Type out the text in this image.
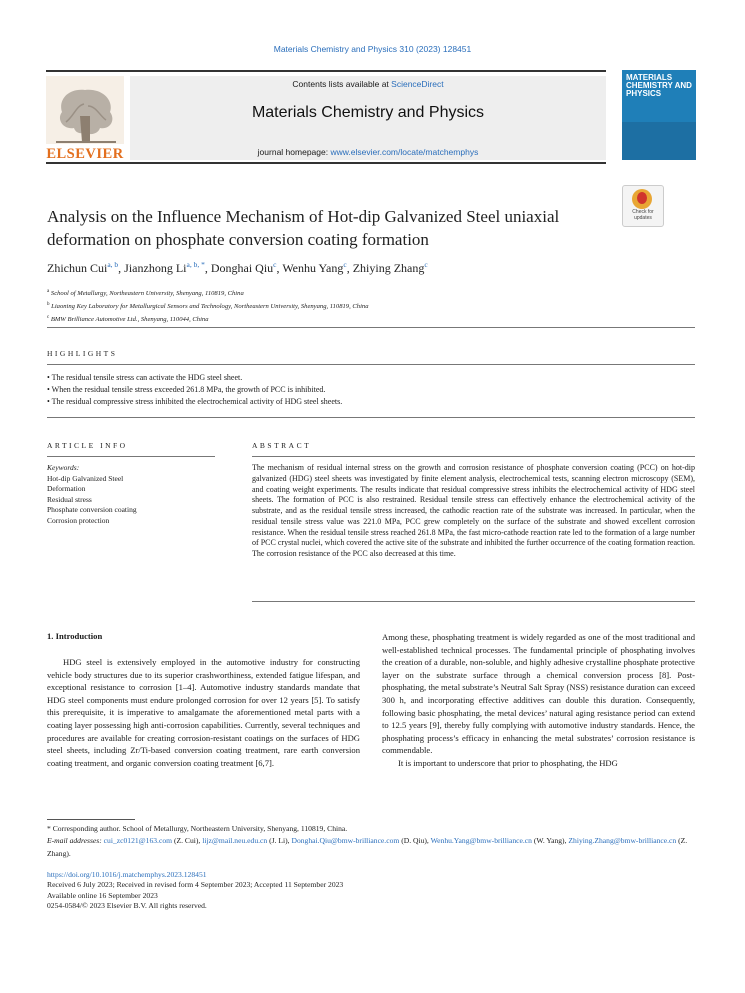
Materials Chemistry and Physics 310 (2023) 128451
ELSEVIER
Contents lists available at ScienceDirect
Materials Chemistry and Physics
journal homepage: www.elsevier.com/locate/matchemphys
MATERIALS CHEMISTRY AND PHYSICS
Check for updates
Analysis on the Influence Mechanism of Hot-dip Galvanized Steel uniaxial deformation on phosphate conversion coating formation
Zhichun Cui$^{a, b}$, Jianzhong $Li^{a, b, *}$, Donghai Qiu$^c$, Wenhu Yang$^c$, Zhiying Zhang$^c$
$^a$ School of Metallurgy, Northeastern University, Shenyang, 110819, China
$^b$ Liaoning Key Laboratory for Metallurgical Sensors and Technology, Northeastern University, Shenyang, 110819, China
$^c$ BMW Brilliance Automotive Ltd., Shenyang, 110044, China
HIGHLIGHTS
• The residual tensile stress can activate the HDG steel sheet.
• When the residual tensile stress exceeded 261.8 MPa, the growth of PCC is inhibited.
• The residual compressive stress inhibited the electrochemical activity of HDG steel sheets.
ARTICLE INFO
Keywords:
Hot-dip Galvanized Steel
Deformation
Residual stress
Phosphate conversion coating
Corrosion protection
ABSTRACT
The mechanism of residual internal stress on the growth and corrosion resistance of phosphate conversion coating (PCC) on hot-dip galvanized (HDG) steel sheets was investigated by finite element analysis, electrochemical tests, scanning electron microscopy (SEM), and coating weight experiments. The results indicate that residual compressive stress inhibits the electrochemical activity of HDG steel sheets. The formation of PCC is also restrained. Residual tensile stress can effectively enhance the electrochemical activity of the substrate, and as the residual tensile stress increased, the cathodic reaction rate of the substrate was increased. In particular, when the residual tensile stress value was 221.0 MPa, PCC grew completely on the surface of the substrate and showed excellent corrosion resistance. When the residual tensile stress reached 261.8 MPa, the fast micro-cathode reaction rate led to the formation of a large number of PCC crystal nuclei, which covered the active site of the substrate and inhibited the further occurrence of the coating formation reaction. The corrosion resistance of the PCC also decreased at this time.
1. Introduction
HDG steel is extensively employed in the automotive industry for constructing vehicle body structures due to its superior crashworthiness, extended fatigue lifespan, and exceptional resistance to corrosion [1–4]. Automotive industry standards mandate that HDG steel components must endure prolonged corrosion for over 12 years [5]. To satisfy this prerequisite, it is imperative to amalgamate the aforementioned metal parts with a coating layer possessing high anti-corrosion capabilities. Currently, several techniques and procedures are available for creating corrosion-resistant coatings on the surfaces of HDG steel sheets, including Zr/Ti-based conversion coating treatment, rare earth conversion coating treatment, and organic conversion coating treatment [6,7].

Among these, phosphating treatment is widely regarded as one of the most traditional and well-established technical processes. The fundamental principle of phosphating involves the creation of a durable, non-soluble, and highly adhesive crystalline phosphate protective layer on the substrate surface through a chemical conversion process [8]. Post-phosphating, the metal substrate’s Neutral Salt Spray (NSS) resistance duration can exceed 300 h, and incorporating effective additives can double this duration. Consequently, following basic phosphating, the metal devices’ natural aging resistance period can extend to 12.5 years [9], thereby fully complying with automotive industry standards. Hence, the phosphating process’s efficacy in enhancing the metal substrates’ corrosion resistance is commendable.

It is important to underscore that prior to phosphating, the HDG

* Corresponding author. School of Metallurgy, Northeastern University, Shenyang, 110819, China.
E-mail addresses: cui_zc0121@163.com (Z. Cui), lijz@mail.neu.edu.cn (J. Li), Donghai.Qiu@bmw-brilliance.com (D. Qiu), Wenhu.Yang@bmw-brilliance.cn (W. Yang), Zhiying.Zhang@bmw-brilliance.cn (Z. Zhang).
https://doi.org/10.1016/j.matchemphys.2023.128451
Received 6 July 2023; Received in revised form 4 September 2023; Accepted 11 September 2023
Available online 16 September 2023
0254-0584/© 2023 Elsevier B.V. All rights reserved.
